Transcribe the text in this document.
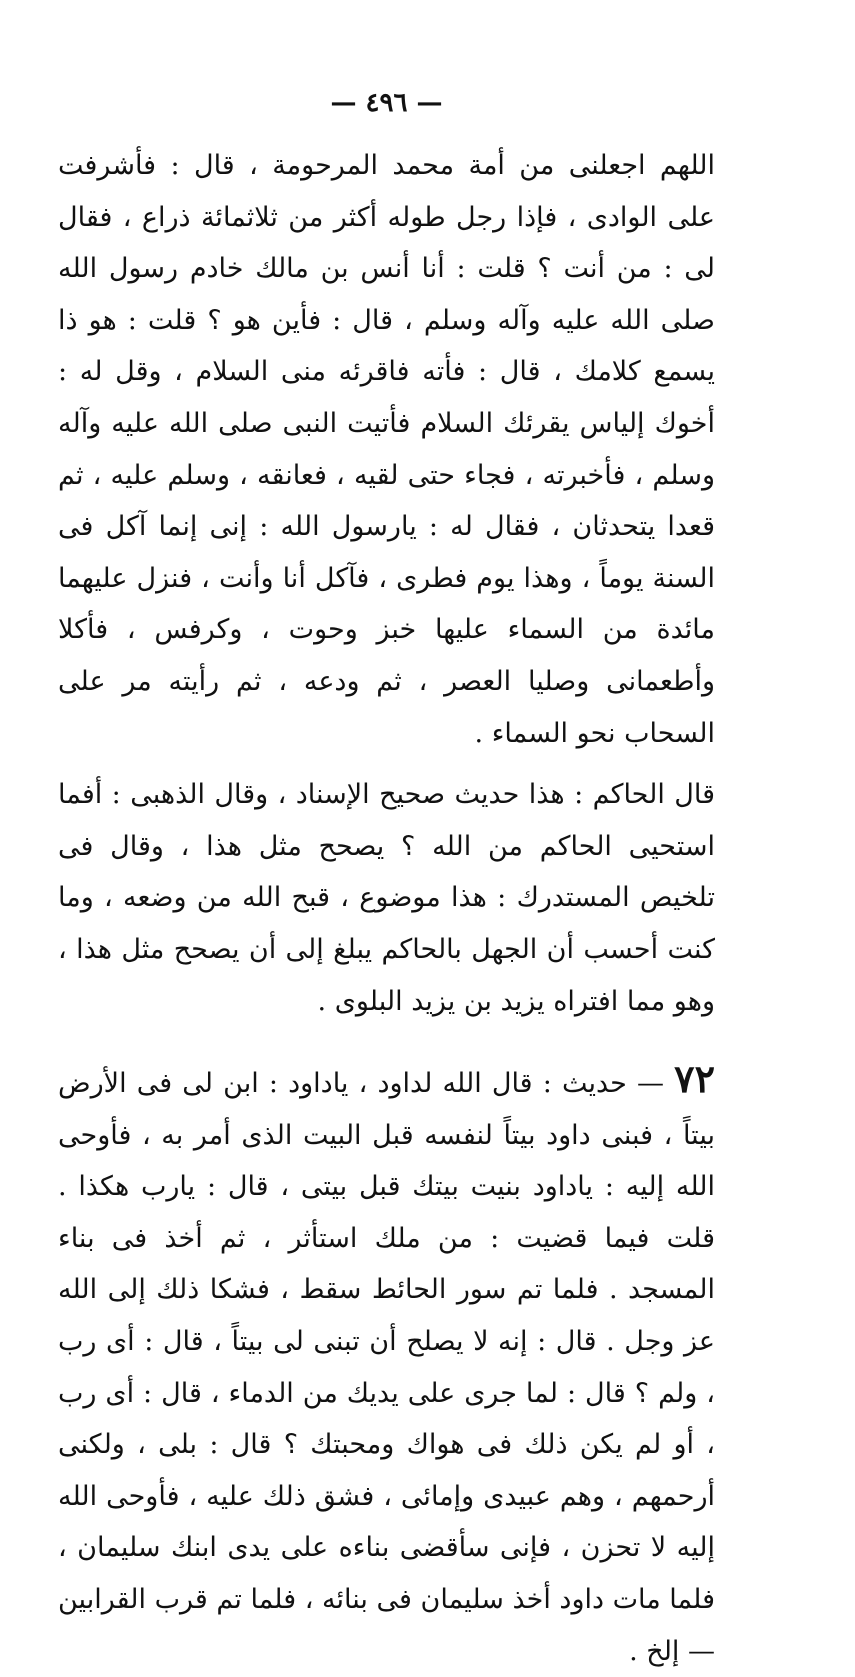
— ٤٩٦ —

اللهم اجعلنى من أمة محمد المرحومة ، قال : فأشرفت على الوادى ، فإذا رجل طوله أكثر من ثلاثمائة ذراع ، فقال لى : من أنت ؟ قلت : أنا أنس بن مالك خادم رسول الله صلى الله عليه وآله وسلم ، قال : فأين هو ؟ قلت : هو ذا يسمع كلامك ، قال : فأته فاقرئه منى السلام ، وقل له : أخوك إلياس يقرئك السلام فأتيت النبى صلى الله عليه وآله وسلم ، فأخبرته ، فجاء حتى لقيه ، فعانقه ، وسلم عليه ، ثم قعدا يتحدثان ، فقال له : يارسول الله : إنى إنما آكل فى السنة يوماً ، وهذا يوم فطرى ، فآكل أنا وأنت ، فنزل عليهما مائدة من السماء عليها خبز وحوت ، وكرفس ، فأكلا وأطعمانى وصليا العصر ، ثم ودعه ، ثم رأيته مر على السحاب نحو السماء .

قال الحاكم : هذا حديث صحيح الإسناد ، وقال الذهبى : أفما استحيى الحاكم من الله ؟ يصحح مثل هذا ، وقال فى تلخيص المستدرك : هذا موضوع ، قبح الله من وضعه ، وما كنت أحسب أن الجهل بالحاكم يبلغ إلى أن يصحح مثل هذا ، وهو مما افتراه يزيد بن يزيد البلوى .

٧٢ — حديث : قال الله لداود ، ياداود : ابن لى فى الأرض بيتاً ، فبنى داود بيتاً لنفسه قبل البيت الذى أمر به ، فأوحى الله إليه : ياداود بنيت بيتك قبل بيتى ، قال : يارب هكذا . قلت فيما قضيت : من ملك استأثر ، ثم أخذ فى بناء المسجد . فلما تم سور الحائط سقط ، فشكا ذلك إلى الله عز وجل . قال : إنه لا يصلح أن تبنى لى بيتاً ، قال : أى رب ، ولم ؟ قال : لما جرى على يديك من الدماء ، قال : أى رب ، أو لم يكن ذلك فى هواك ومحبتك ؟ قال : بلى ، ولكنى أرحمهم ، وهم عبيدى وإمائى ، فشق ذلك عليه ، فأوحى الله إليه لا تحزن ، فإنى سأقضى بناءه على يدى ابنك سليمان ، فلما مات داود أخذ سليمان فى بنائه ، فلما تم قرب القرابين — إلخ .
